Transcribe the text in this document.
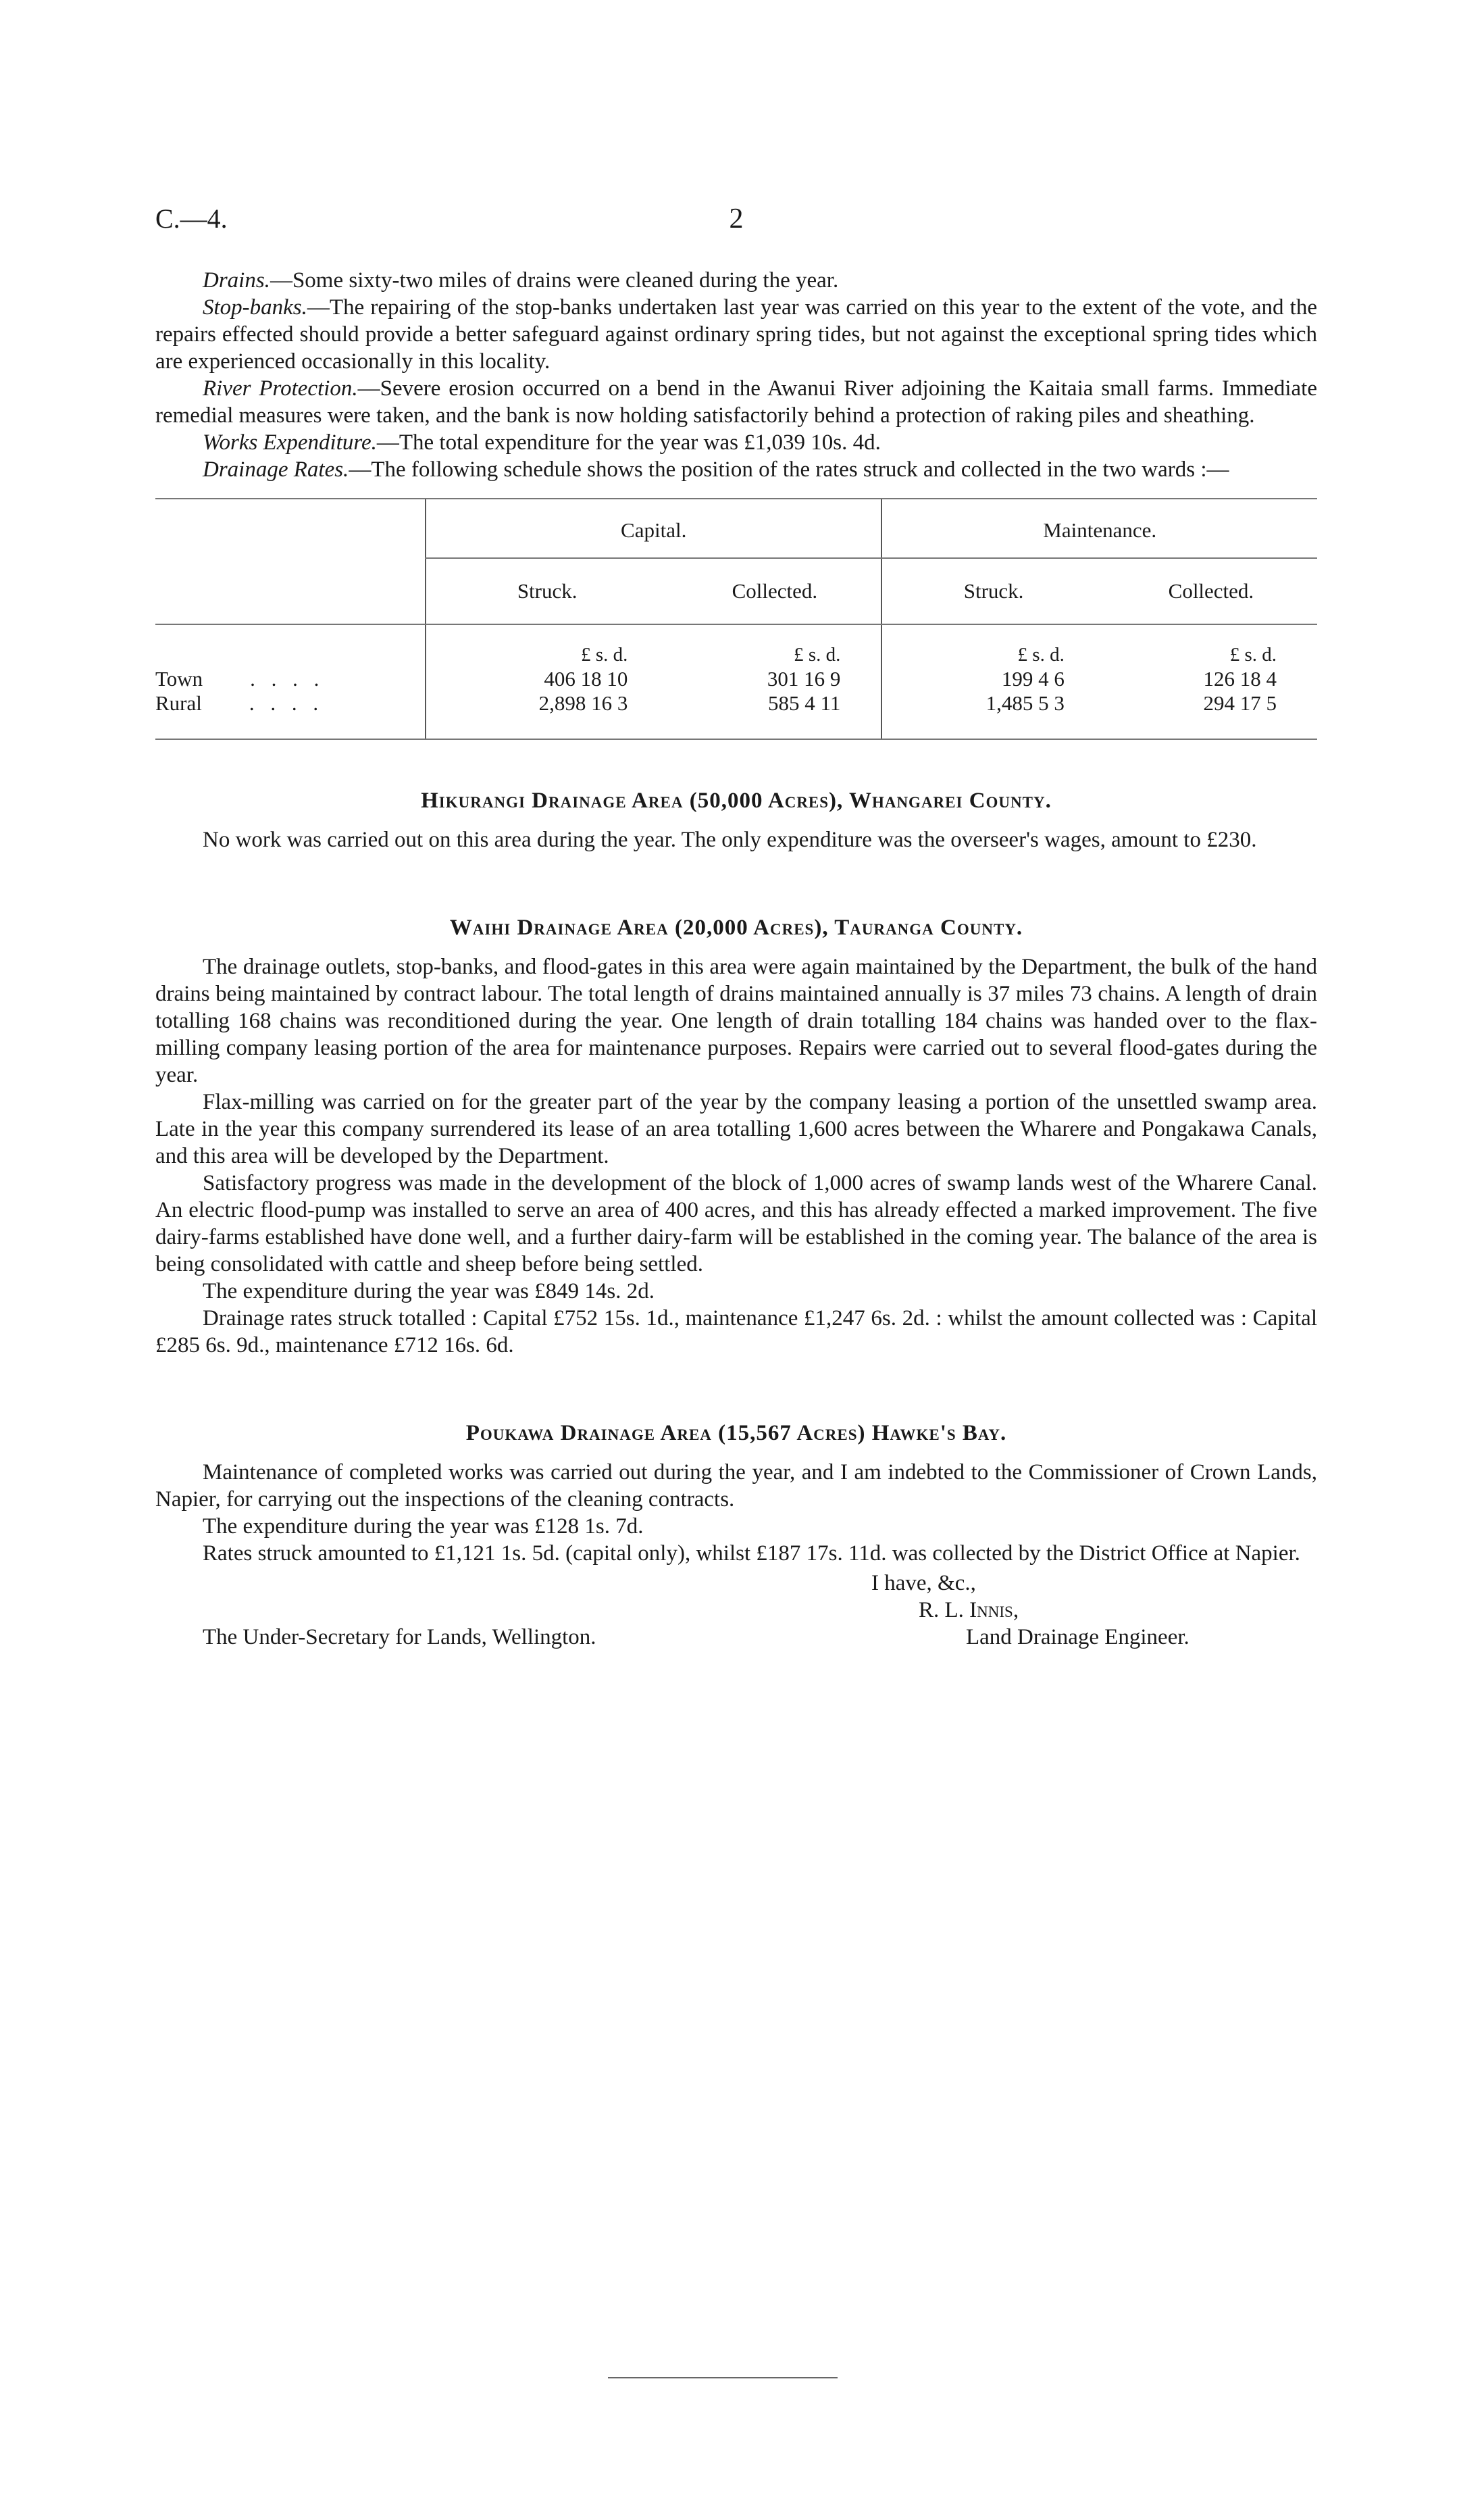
C.—4.	2

Drains.—Some sixty-two miles of drains were cleaned during the year.

Stop-banks.—The repairing of the stop-banks undertaken last year was carried on this year to the extent of the vote, and the repairs effected should provide a better safeguard against ordinary spring tides, but not against the exceptional spring tides which are experienced occasionally in this locality.

River Protection.—Severe erosion occurred on a bend in the Awanui River adjoining the Kaitaia small farms. Immediate remedial measures were taken, and the bank is now holding satisfactorily behind a protection of raking piles and sheathing.

Works Expenditure.—The total expenditure for the year was £1,039 10s. 4d.

Drainage Rates.—The following schedule shows the position of the rates struck and collected in the two wards :—

	Capital.		Maintenance.	
	Struck.	Collected.	Struck.	Collected.
	£ s. d.	£ s. d.	£ s. d.	£ s. d.
Town . . . .	406 18 10	301 16 9	199 4 6	126 18 4
Rural . . . .	2,898 16 3	585 4 11	1,485 5 3	294 17 5
Hikurangi Drainage Area (50,000 Acres), Whangarei County.

No work was carried out on this area during the year. The only expenditure was the overseer's wages, amount to £230.

Waihi Drainage Area (20,000 Acres), Tauranga County.

The drainage outlets, stop-banks, and flood-gates in this area were again maintained by the Department, the bulk of the hand drains being maintained by contract labour. The total length of drains maintained annually is 37 miles 73 chains. A length of drain totalling 168 chains was reconditioned during the year. One length of drain totalling 184 chains was handed over to the flax-milling company leasing portion of the area for maintenance purposes. Repairs were carried out to several flood-gates during the year.

Flax-milling was carried on for the greater part of the year by the company leasing a portion of the unsettled swamp area. Late in the year this company surrendered its lease of an area totalling 1,600 acres between the Wharere and Pongakawa Canals, and this area will be developed by the Department.

Satisfactory progress was made in the development of the block of 1,000 acres of swamp lands west of the Wharere Canal. An electric flood-pump was installed to serve an area of 400 acres, and this has already effected a marked improvement. The five dairy-farms established have done well, and a further dairy-farm will be established in the coming year. The balance of the area is being consolidated with cattle and sheep before being settled.

The expenditure during the year was £849 14s. 2d.

Drainage rates struck totalled : Capital £752 15s. 1d., maintenance £1,247 6s. 2d. : whilst the amount collected was : Capital £285 6s. 9d., maintenance £712 16s. 6d.

Poukawa Drainage Area (15,567 Acres) Hawke's Bay.

Maintenance of completed works was carried out during the year, and I am indebted to the Commissioner of Crown Lands, Napier, for carrying out the inspections of the cleaning contracts.

The expenditure during the year was £128 1s. 7d.

Rates struck amounted to £1,121 1s. 5d. (capital only), whilst £187 17s. 11d. was collected by the District Office at Napier.

I have, &c.,
R. L. Innis,
The Under-Secretary for Lands, Wellington.	Land Drainage Engineer.
